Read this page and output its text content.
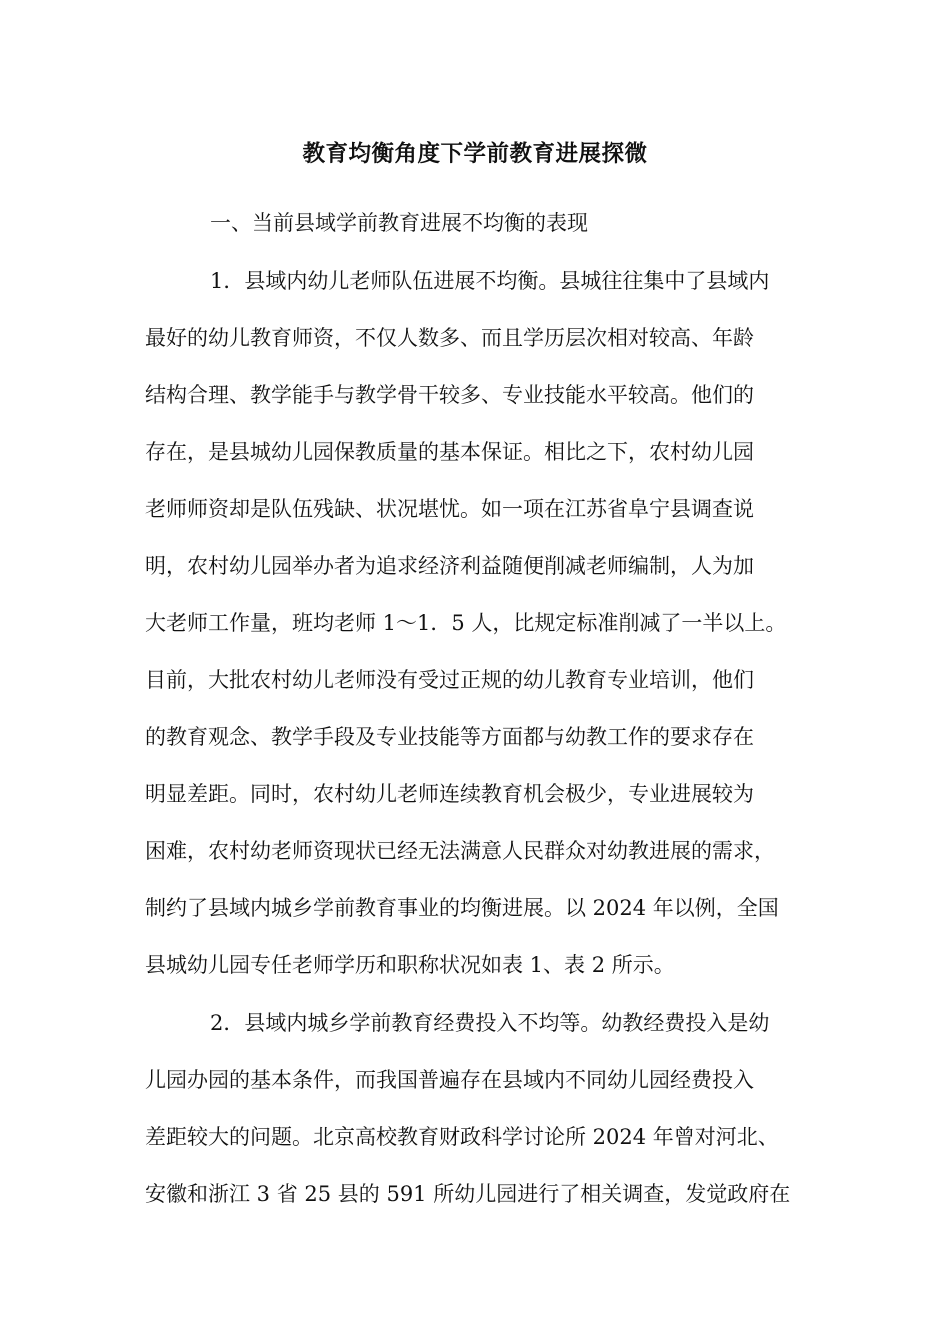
教育均衡角度下学前教育进展探微

一、当前县域学前教育进展不均衡的表现

1．县域内幼儿老师队伍进展不均衡。县城往往集中了县域内

最好的幼儿教育师资，不仅人数多、而且学历层次相对较高、年龄

结构合理、教学能手与教学骨干较多、专业技能水平较高。他们的

存在，是县城幼儿园保教质量的基本保证。相比之下，农村幼儿园

老师师资却是队伍残缺、状况堪忧。如一项在江苏省阜宁县调查说

明，农村幼儿园举办者为追求经济利益随便削减老师编制，人为加

大老师工作量，班均老师 1～1．5 人，比规定标准削减了一半以上。

目前，大批农村幼儿老师没有受过正规的幼儿教育专业培训，他们

的教育观念、教学手段及专业技能等方面都与幼教工作的要求存在

明显差距。同时，农村幼儿老师连续教育机会极少，专业进展较为

困难，农村幼老师资现状已经无法满意人民群众对幼教进展的需求，

制约了县域内城乡学前教育事业的均衡进展。以 2024 年以例，全国

县城幼儿园专任老师学历和职称状况如表 1、表 2 所示。

2．县域内城乡学前教育经费投入不均等。幼教经费投入是幼

儿园办园的基本条件，而我国普遍存在县域内不同幼儿园经费投入

差距较大的问题。北京高校教育财政科学讨论所 2024 年曾对河北、

安徽和浙江 3 省 25 县的 591 所幼儿园进行了相关调查，发觉政府在
